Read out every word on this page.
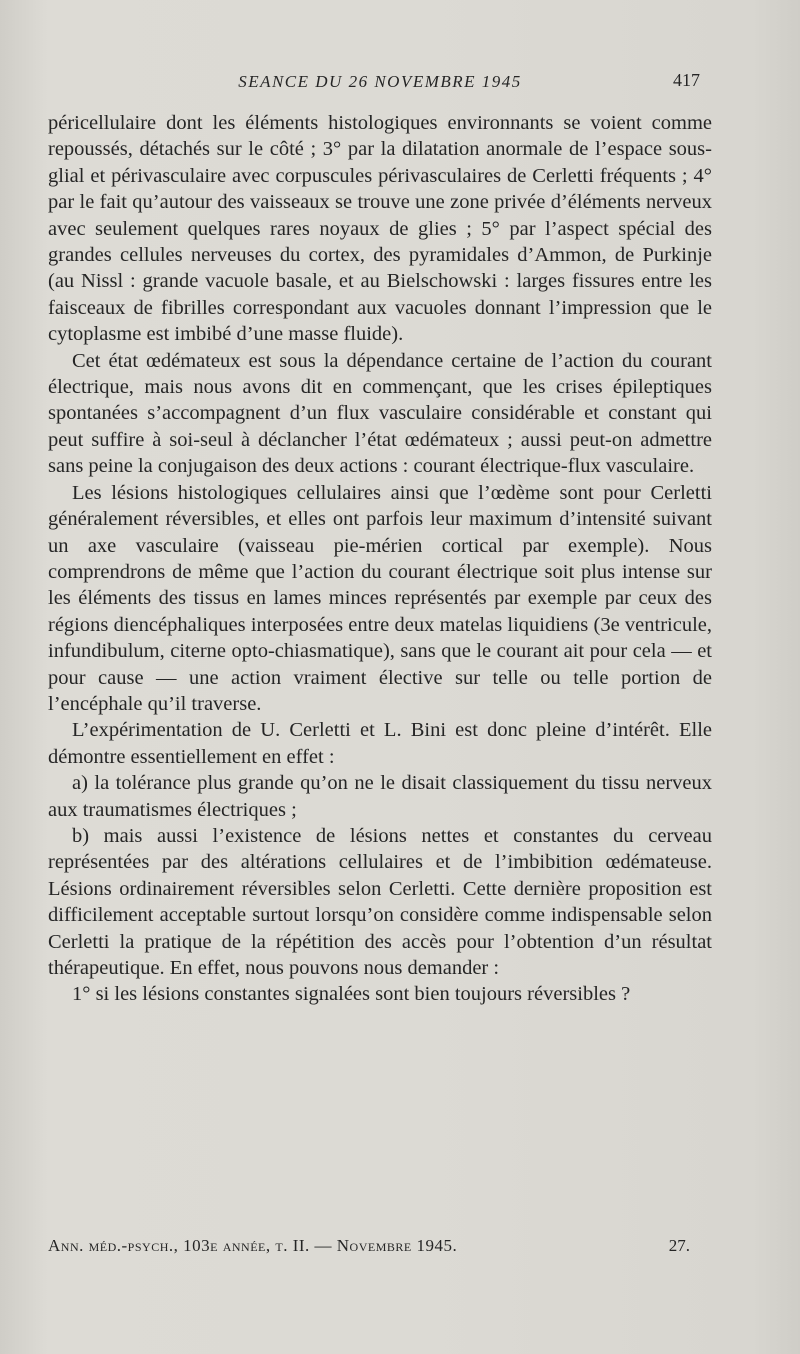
SEANCE DU 26 NOVEMBRE 1945	417

péricellulaire dont les éléments histologiques environnants se voient comme repoussés, détachés sur le côté ; 3° par la dilatation anormale de l’espace sous-glial et périvasculaire avec corpuscules périvasculaires de Cerletti fréquents ; 4° par le fait qu’autour des vaisseaux se trouve une zone privée d’éléments nerveux avec seulement quelques rares noyaux de glies ; 5° par l’aspect spécial des grandes cellules nerveuses du cortex, des pyramidales d’Ammon, de Purkinje (au Nissl : grande vacuole basale, et au Bielschowski : larges fissures entre les faisceaux de fibrilles correspondant aux vacuoles donnant l’impression que le cytoplasme est imbibé d’une masse fluide).

Cet état œdémateux est sous la dépendance certaine de l’action du courant électrique, mais nous avons dit en commençant, que les crises épileptiques spontanées s’accompagnent d’un flux vasculaire considérable et constant qui peut suffire à soi-seul à déclancher l’état œdémateux ; aussi peut-on admettre sans peine la conjugaison des deux actions : courant électrique-flux vasculaire.

Les lésions histologiques cellulaires ainsi que l’œdème sont pour Cerletti généralement réversibles, et elles ont parfois leur maximum d’intensité suivant un axe vasculaire (vaisseau pie-mérien cortical par exemple). Nous comprendrons de même que l’action du courant électrique soit plus intense sur les éléments des tissus en lames minces représentés par exemple par ceux des régions diencéphaliques interposées entre deux matelas liquidiens (3e ventricule, infundibulum, citerne opto-chiasmatique), sans que le courant ait pour cela — et pour cause — une action vraiment élective sur telle ou telle portion de l’encéphale qu’il traverse.

L’expérimentation de U. Cerletti et L. Bini est donc pleine d’intérêt. Elle démontre essentiellement en effet :

a) la tolérance plus grande qu’on ne le disait classiquement du tissu nerveux aux traumatismes électriques ;

b) mais aussi l’existence de lésions nettes et constantes du cerveau représentées par des altérations cellulaires et de l’imbibition œdémateuse. Lésions ordinairement réversibles selon Cerletti. Cette dernière proposition est difficilement acceptable surtout lorsqu’on considère comme indispensable selon Cerletti la pratique de la répétition des accès pour l’obtention d’un résultat thérapeutique. En effet, nous pouvons nous demander :

1° si les lésions constantes signalées sont bien toujours réversibles ?

Ann. méd.-psych., 103e année, t. II. — Novembre 1945.	27.
